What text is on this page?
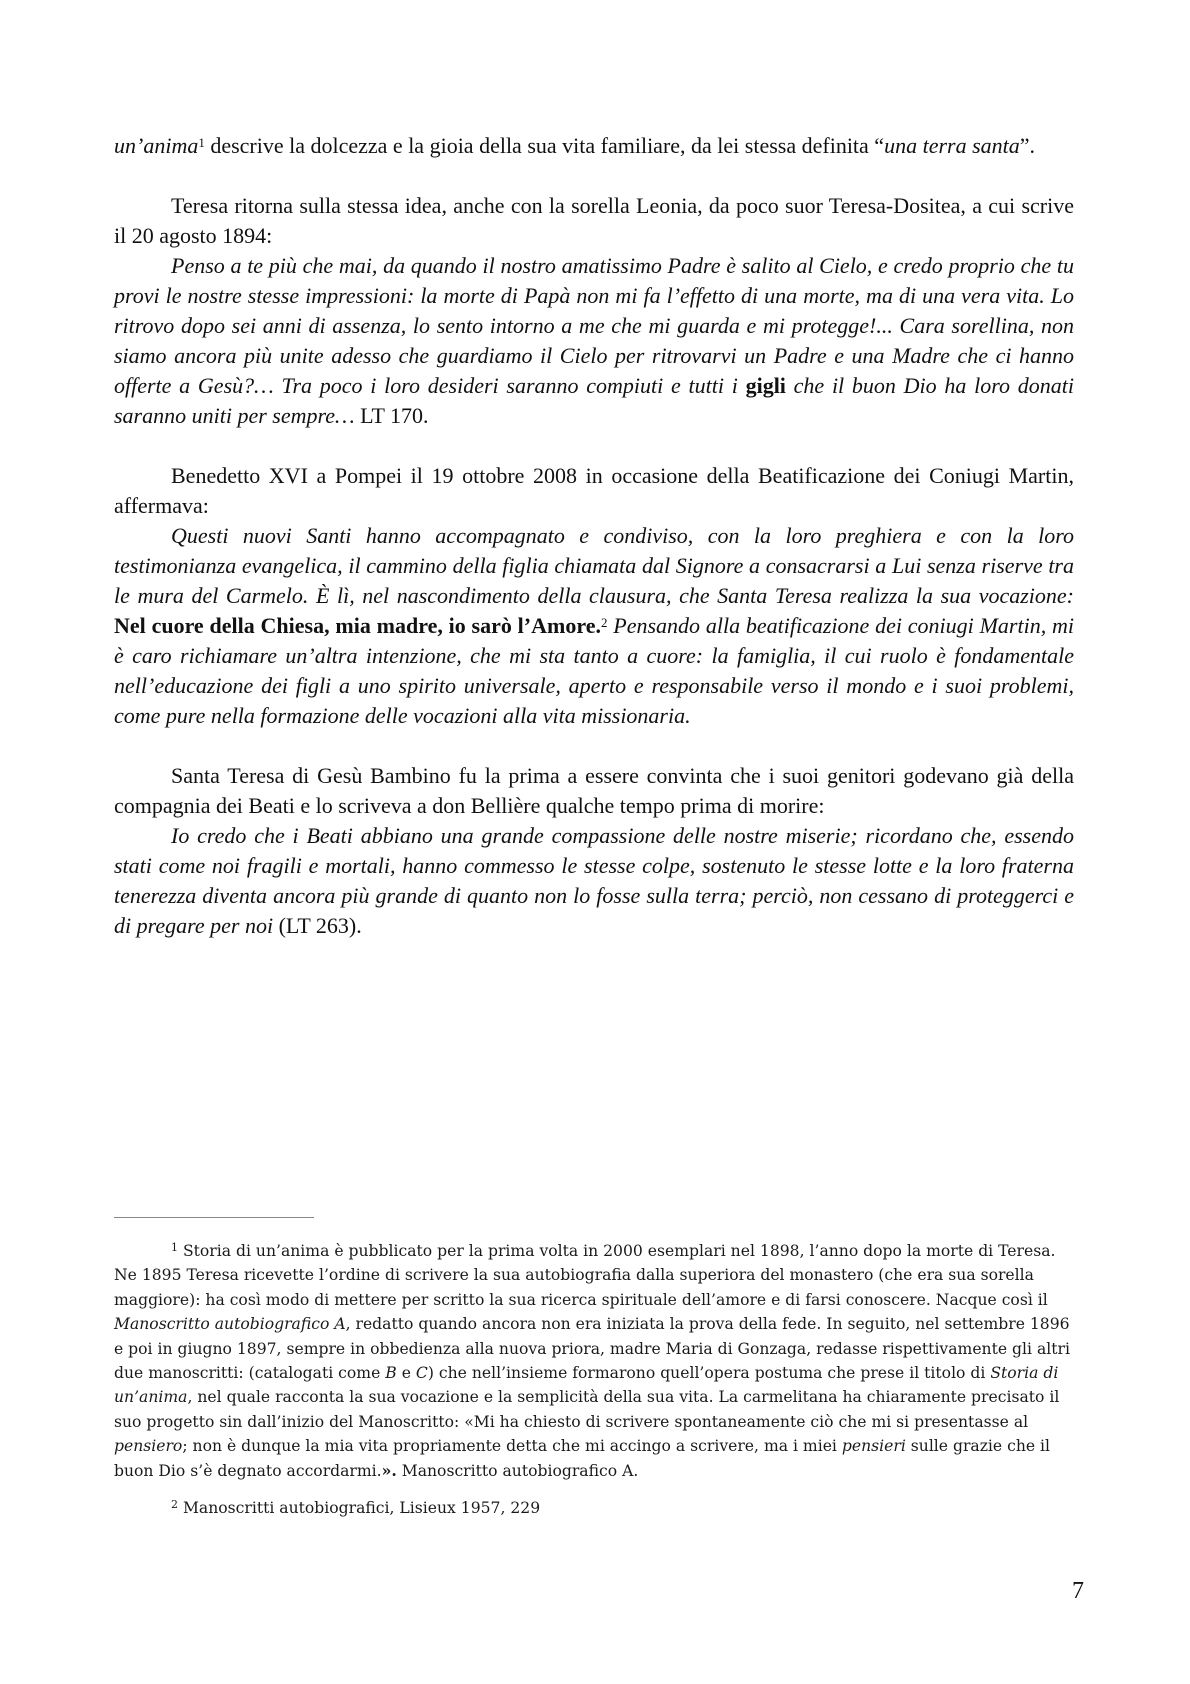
un’anima$^1$ descrive la dolcezza e la gioia della sua vita familiare, da lei stessa definita “una terra santa”.

Teresa ritorna sulla stessa idea, anche con la sorella Leonia, da poco suor Teresa-Dositea, a cui scrive il 20 agosto 1894:

Penso a te più che mai, da quando il nostro amatissimo Padre è salito al Cielo, e credo proprio che tu provi le nostre stesse impressioni: la morte di Papà non mi fa l’effetto di una morte, ma di una vera vita. Lo ritrovo dopo sei anni di assenza, lo sento intorno a me che mi guarda e mi protegge!... Cara sorellina, non siamo ancora più unite adesso che guardiamo il Cielo per ritrovarvi un Padre e una Madre che ci hanno offerte a Gesù?… Tra poco i loro desideri saranno compiuti e tutti i gigli che il buon Dio ha loro donati saranno uniti per sempre… LT 170.

Benedetto XVI a Pompei il 19 ottobre 2008 in occasione della Beatificazione dei Coniugi Martin, affermava:

Questi nuovi Santi hanno accompagnato e condiviso, con la loro preghiera e con la loro testimonianza evangelica, il cammino della figlia chiamata dal Signore a consacrarsi a Lui senza riserve tra le mura del Carmelo. È lì, nel nascondimento della clausura, che Santa Teresa realizza la sua vocazione: Nel cuore della Chiesa, mia madre, io sarò l’Amore.$^2$ Pensando alla beatificazione dei coniugi Martin, mi è caro richiamare un’altra intenzione, che mi sta tanto a cuore: la famiglia, il cui ruolo è fondamentale nell’educazione dei figli a uno spirito universale, aperto e responsabile verso il mondo e i suoi problemi, come pure nella formazione delle vocazioni alla vita missionaria.

Santa Teresa di Gesù Bambino fu la prima a essere convinta che i suoi genitori godevano già della compagnia dei Beati e lo scriveva a don Bellière qualche tempo prima di morire:

Io credo che i Beati abbiano una grande compassione delle nostre miserie; ricordano che, essendo stati come noi fragili e mortali, hanno commesso le stesse colpe, sostenuto le stesse lotte e la loro fraterna tenerezza diventa ancora più grande di quanto non lo fosse sulla terra; perciò, non cessano di proteggerci e di pregare per noi (LT 263).

$^1$ Storia di un’anima è pubblicato per la prima volta in 2000 esemplari nel 1898, l’anno dopo la morte di Teresa. Ne 1895 Teresa ricevette l’ordine di scrivere la sua autobiografia dalla superiora del monastero (che era sua sorella maggiore): ha così modo di mettere per scritto la sua ricerca spirituale dell’amore e di farsi conoscere. Nacque così il Manoscritto autobiografico A, redatto quando ancora non era iniziata la prova della fede. In seguito, nel settembre 1896 e poi in giugno 1897, sempre in obbedienza alla nuova priora, madre Maria di Gonzaga, redasse rispettivamente gli altri due manoscritti: (catalogati come B e C) che nell’insieme formarono quell’opera postuma che prese il titolo di Storia di un’anima, nel quale racconta la sua vocazione e la semplicità della sua vita. La carmelitana ha chiaramente precisato il suo progetto sin dall’inizio del Manoscritto: «Mi ha chiesto di scrivere spontaneamente ciò che mi si presentasse al pensiero; non è dunque la mia vita propriamente detta che mi accingo a scrivere, ma i miei pensieri sulle grazie che il buon Dio s’è degnato accordarmi.». Manoscritto autobiografico A.

$^2$ Manoscritti autobiografici, Lisieux 1957, 229

7
